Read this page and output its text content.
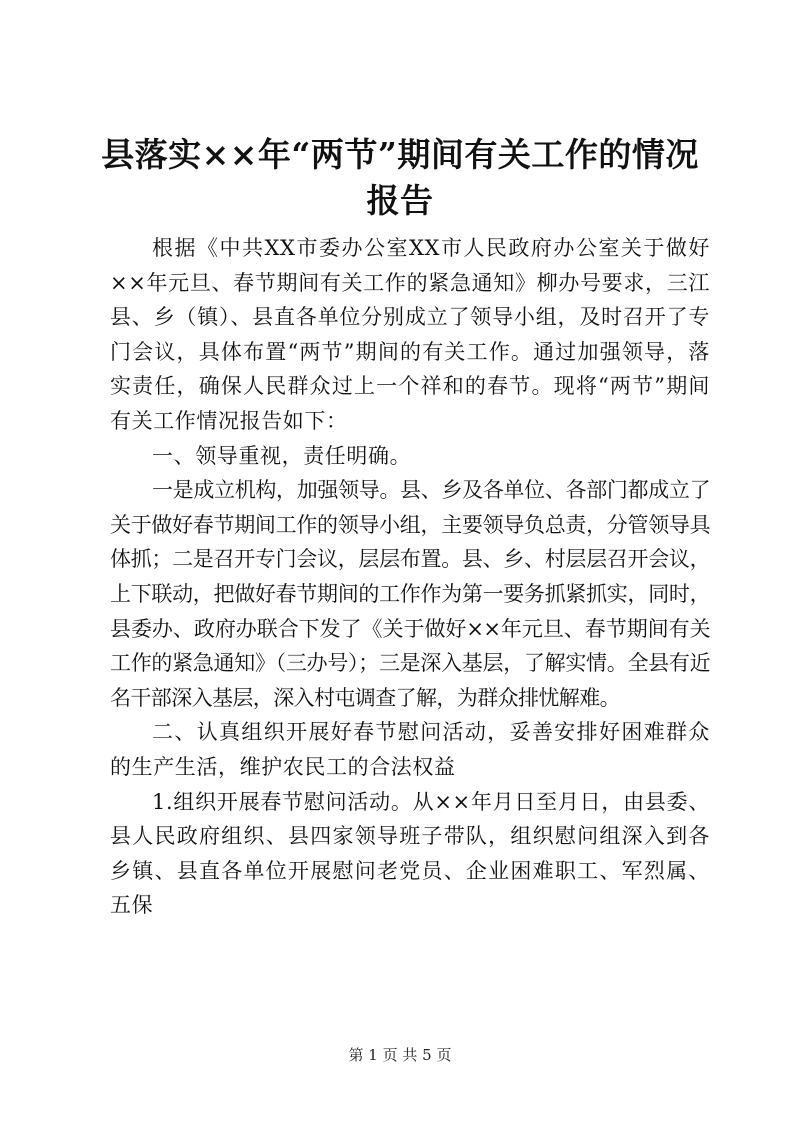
县落实××年“两节”期间有关工作的情况报告

根据《中共XX市委办公室XX市人民政府办公室关于做好××年元旦、春节期间有关工作的紧急通知》柳办号要求，三江县、乡（镇）、县直各单位分别成立了领导小组，及时召开了专门会议，具体布置“两节”期间的有关工作。通过加强领导，落实责任，确保人民群众过上一个祥和的春节。现将“两节”期间有关工作情况报告如下：

一、领导重视，责任明确。

一是成立机构，加强领导。县、乡及各单位、各部门都成立了关于做好春节期间工作的领导小组，主要领导负总责，分管领导具体抓；二是召开专门会议，层层布置。县、乡、村层层召开会议，上下联动，把做好春节期间的工作作为第一要务抓紧抓实，同时，县委办、政府办联合下发了《关于做好××年元旦、春节期间有关工作的紧急通知》（三办号）；三是深入基层，了解实情。全县有近名干部深入基层，深入村屯调查了解，为群众排忧解难。

二、认真组织开展好春节慰问活动，妥善安排好困难群众的生产生活，维护农民工的合法权益

1.组织开展春节慰问活动。从××年月日至月日，由县委、县人民政府组织、县四家领导班子带队，组织慰问组深入到各乡镇、县直各单位开展慰问老党员、企业困难职工、军烈属、五保

第 1 页 共 5 页
